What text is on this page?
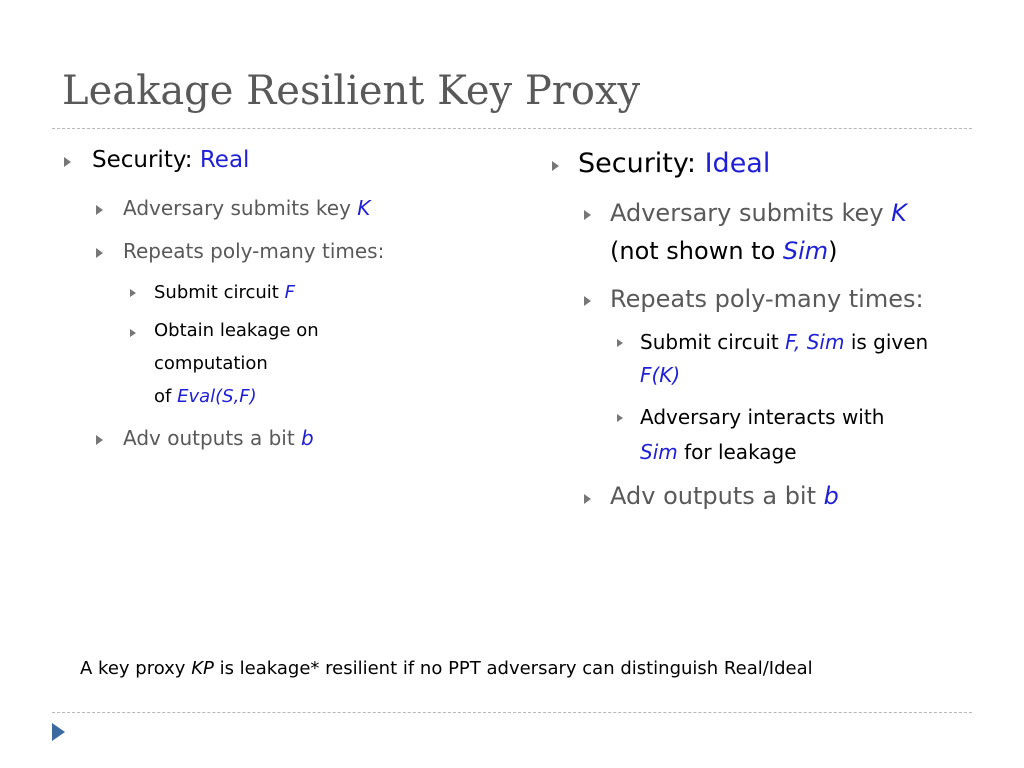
Leakage Resilient Key Proxy
Security: Real
Adversary submits key K
Repeats poly-many times:
Submit circuit F
Obtain leakage on
computation
of Eval(S,F)
Adv outputs a bit b
Security: Ideal
Adversary submits key K
(not shown to Sim)
Repeats poly-many times:
Submit circuit F, Sim is given
F(K)
Adversary interacts with
Sim for leakage
Adv outputs a bit b
A key proxy KP is leakage* resilient if no PPT adversary can distinguish Real/Ideal
